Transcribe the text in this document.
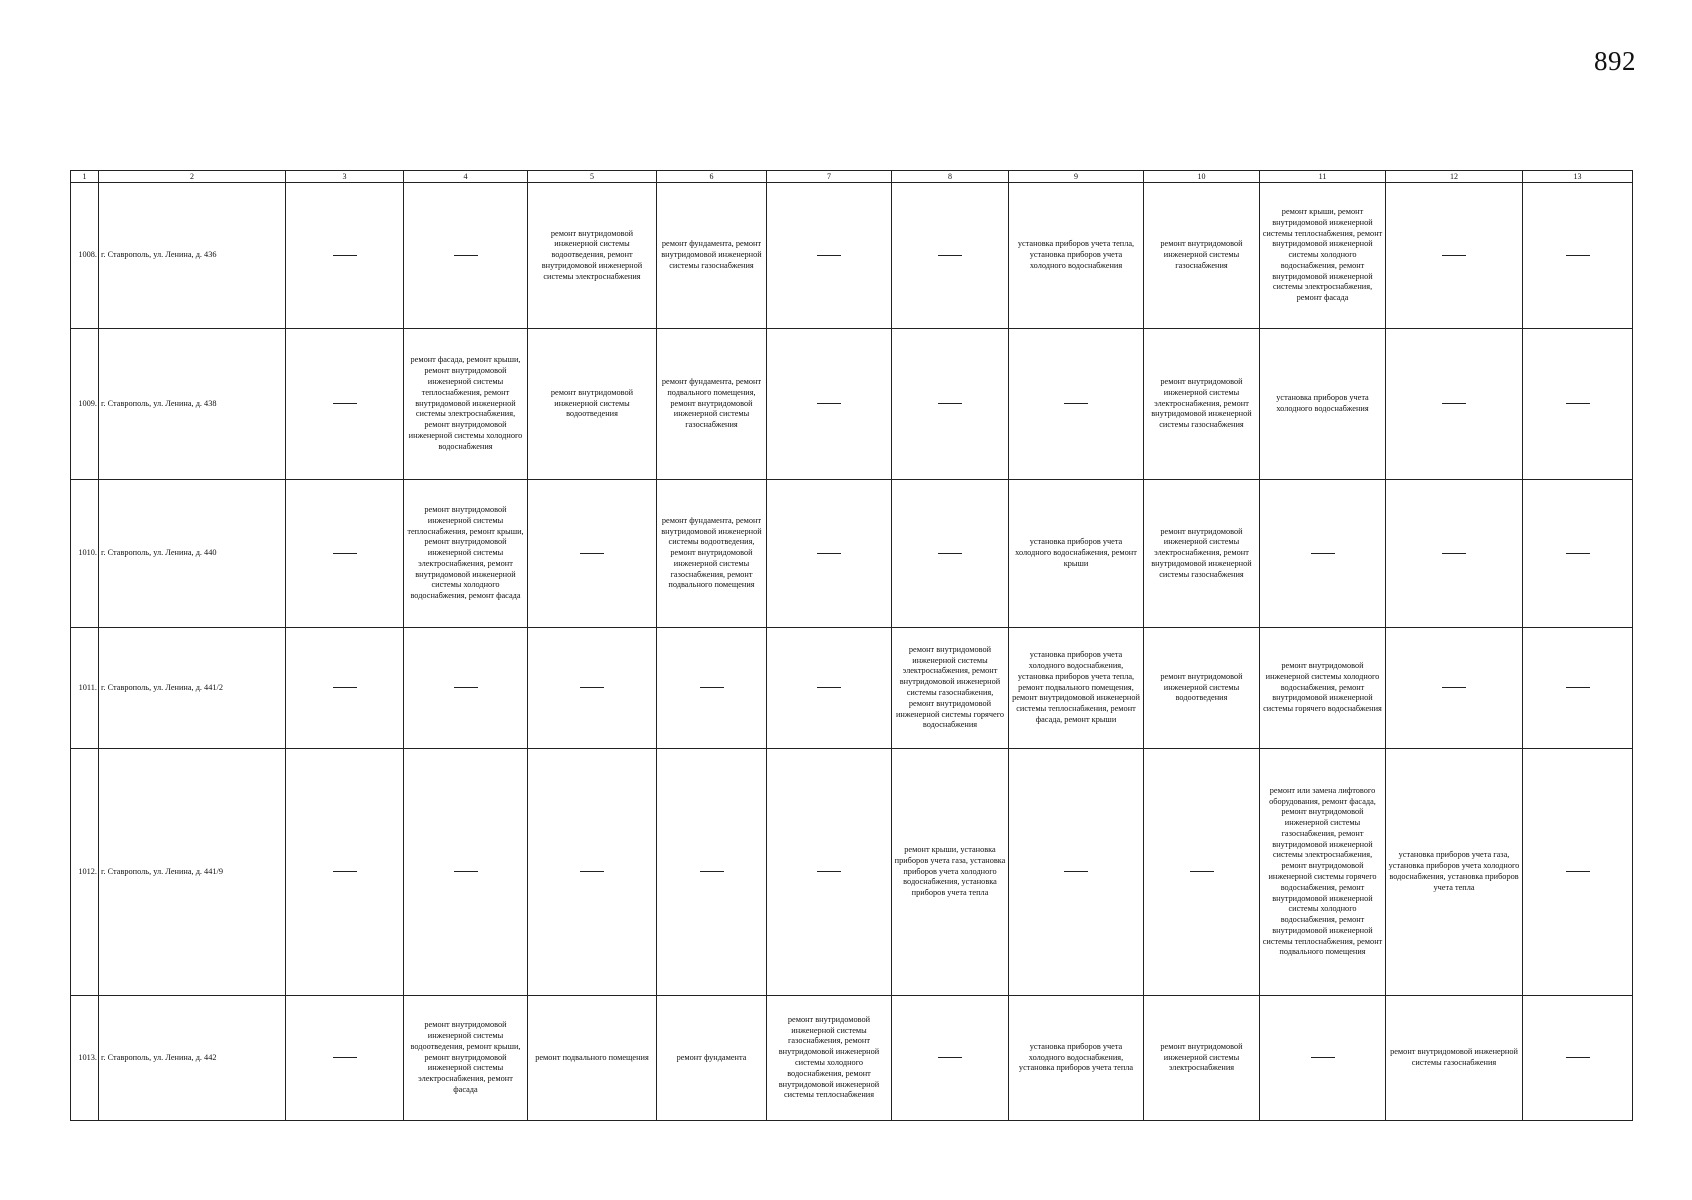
892
1	2	3	4	5	6	7	8	9	10	11	12	13
1008.	г. Ставрополь, ул. Ленина, д. 436			ремонт внутридомовой инженерной системы водоотведения, ремонт внутридомовой инженерной системы электроснабжения	ремонт фундамента, ремонт внутридомовой инженерной системы газоснабжения			установка приборов учета тепла, установка приборов учета холодного водоснабжения	ремонт внутридомовой инженерной системы газоснабжения	ремонт крыши, ремонт внутридомовой инженерной системы теплоснабжения, ремонт внутридомовой инженерной системы холодного водоснабжения, ремонт внутридомовой инженерной системы электроснабжения, ремонт фасада		
1009.	г. Ставрополь, ул. Ленина, д. 438		ремонт фасада, ремонт крыши, ремонт внутридомовой инженерной системы теплоснабжения, ремонт внутридомовой инженерной системы электроснабжения, ремонт внутридомовой инженерной системы холодного водоснабжения	ремонт внутридомовой инженерной системы водоотведения	ремонт фундамента, ремонт подвального помещения, ремонт внутридомовой инженерной системы газоснабжения				ремонт внутридомовой инженерной системы электроснабжения, ремонт внутридомовой инженерной системы газоснабжения	установка приборов учета холодного водоснабжения		
1010.	г. Ставрополь, ул. Ленина, д. 440		ремонт внутридомовой инженерной системы теплоснабжения, ремонт крыши, ремонт внутридомовой инженерной системы электроснабжения, ремонт внутридомовой инженерной системы холодного водоснабжения, ремонт фасада		ремонт фундамента, ремонт внутридомовой инженерной системы водоотведения, ремонт внутридомовой инженерной системы газоснабжения, ремонт подвального помещения			установка приборов учета холодного водоснабжения, ремонт крыши	ремонт внутридомовой инженерной системы электроснабжения, ремонт внутридомовой инженерной системы газоснабжения			
1011.	г. Ставрополь, ул. Ленина, д. 441/2						ремонт внутридомовой инженерной системы электроснабжения, ремонт внутридомовой инженерной системы газоснабжения, ремонт внутридомовой инженерной системы горячего водоснабжения	установка приборов учета холодного водоснабжения, установка приборов учета тепла, ремонт подвального помещения, ремонт внутридомовой инженерной системы теплоснабжения, ремонт фасада, ремонт крыши	ремонт внутридомовой инженерной системы водоотведения	ремонт внутридомовой инженерной системы холодного водоснабжения, ремонт внутридомовой инженерной системы горячего водоснабжения		
1012.	г. Ставрополь, ул. Ленина, д. 441/9						ремонт крыши, установка приборов учета газа, установка приборов учета холодного водоснабжения, установка приборов учета тепла			ремонт или замена лифтового оборудования, ремонт фасада, ремонт внутридомовой инженерной системы газоснабжения, ремонт внутридомовой инженерной системы электроснабжения, ремонт внутридомовой инженерной системы горячего водоснабжения, ремонт внутридомовой инженерной системы холодного водоснабжения, ремонт внутридомовой инженерной системы теплоснабжения, ремонт подвального помещения	установка приборов учета газа, установка приборов учета холодного водоснабжения, установка приборов учета тепла	
1013.	г. Ставрополь, ул. Ленина, д. 442		ремонт внутридомовой инженерной системы водоотведения, ремонт крыши, ремонт внутридомовой инженерной системы электроснабжения, ремонт фасада	ремонт подвального помещения	ремонт фундамента	ремонт внутридомовой инженерной системы газоснабжения, ремонт внутридомовой инженерной системы холодного водоснабжения, ремонт внутридомовой инженерной системы теплоснабжения		установка приборов учета холодного водоснабжения, установка приборов учета тепла	ремонт внутридомовой инженерной системы электроснабжения		ремонт внутридомовой инженерной системы газоснабжения	
